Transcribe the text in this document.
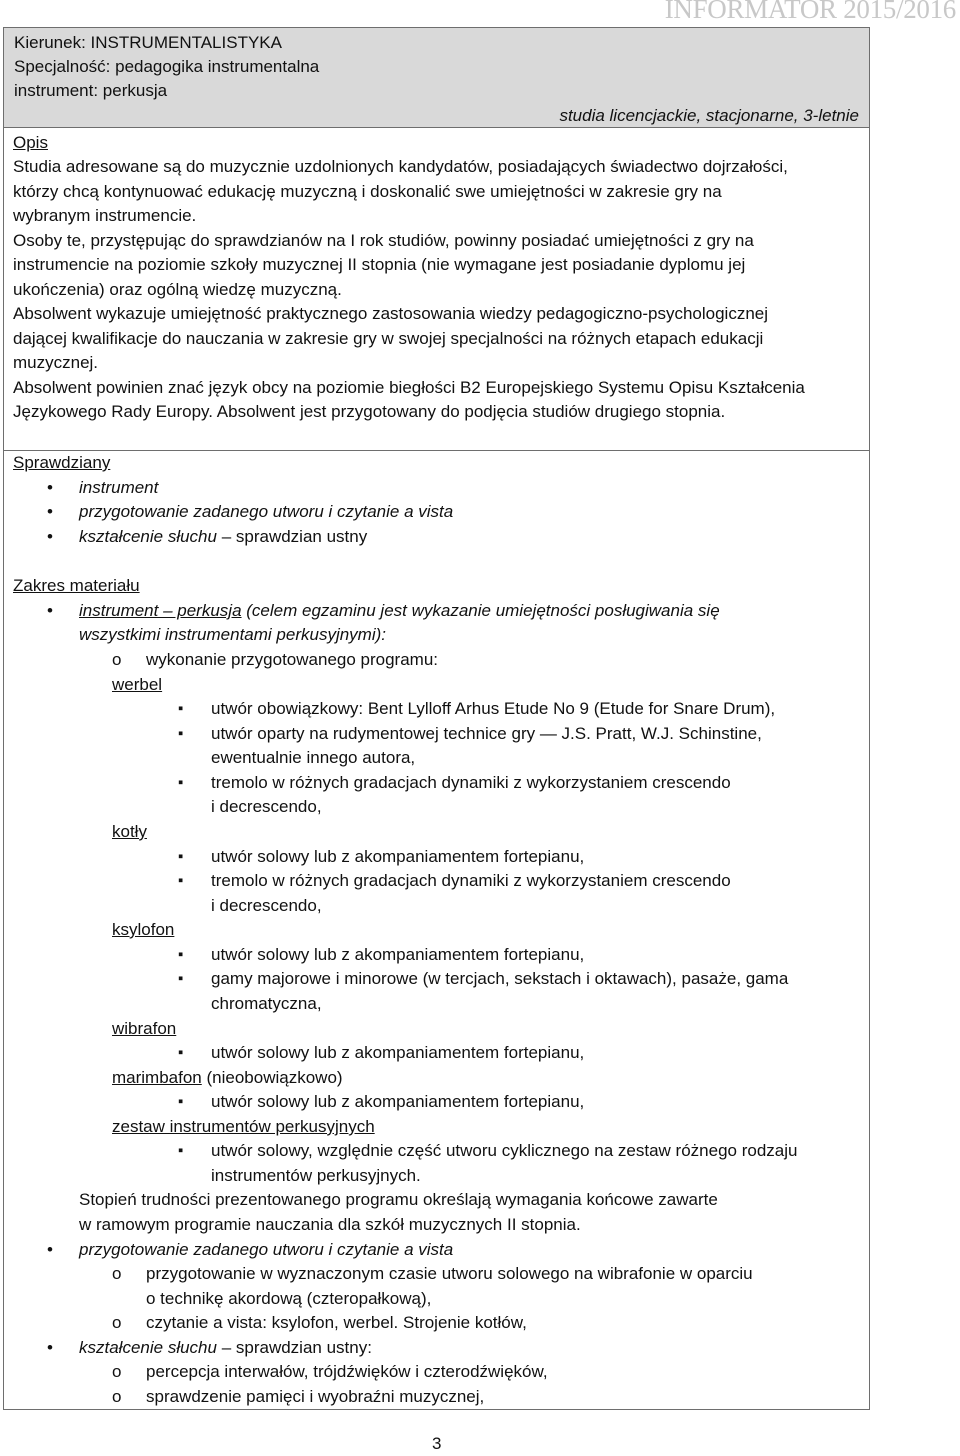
INFORMATOR 2015/2016
Kierunek: INSTRUMENTALISTYKA
Specjalność: pedagogika instrumentalna
instrument: perkusja
studia licencjackie, stacjonarne, 3-letnie
Opis
Studia adresowane są do muzycznie uzdolnionych kandydatów, posiadających świadectwo dojrzałości,
którzy chcą kontynuować edukację muzyczną i doskonalić swe umiejętności w zakresie gry na
wybranym instrumencie.
Osoby te, przystępując do sprawdzianów na I rok studiów, powinny posiadać umiejętności z gry na
instrumencie na poziomie szkoły muzycznej II stopnia (nie wymagane jest posiadanie dyplomu jej
ukończenia) oraz ogólną wiedzę muzyczną.
Absolwent wykazuje umiejętność praktycznego zastosowania wiedzy pedagogiczno-psychologicznej
dającej kwalifikacje do nauczania w zakresie gry w swojej specjalności na różnych etapach edukacji
muzycznej.
Absolwent powinien znać język obcy na poziomie biegłości B2 Europejskiego Systemu Opisu Kształcenia
Językowego Rady Europy. Absolwent jest przygotowany do podjęcia studiów drugiego stopnia.
Sprawdziany
• instrument
• przygotowanie zadanego utworu i czytanie a vista
• kształcenie słuchu – sprawdzian ustny
Zakres materiału
• instrument – perkusja (celem egzaminu jest wykazanie umiejętności posługiwania się
wszystkimi instrumentami perkusyjnymi):
o wykonanie przygotowanego programu:
werbel
▪ utwór obowiązkowy: Bent Lylloff Arhus Etude No 9 (Etude for Snare Drum),
▪ utwór oparty na rudymentowej technice gry — J.S. Pratt, W.J. Schinstine,
ewentualnie innego autora,
▪ tremolo w różnych gradacjach dynamiki z wykorzystaniem crescendo
i decrescendo,
kotły
▪ utwór solowy lub z akompaniamentem fortepianu,
▪ tremolo w różnych gradacjach dynamiki z wykorzystaniem crescendo
i decrescendo,
ksylofon
▪ utwór solowy lub z akompaniamentem fortepianu,
▪ gamy majorowe i minorowe (w tercjach, sekstach i oktawach), pasaże, gama
chromatyczna,
wibrafon
▪ utwór solowy lub z akompaniamentem fortepianu,
marimbafon (nieobowiązkowo)
▪ utwór solowy lub z akompaniamentem fortepianu,
zestaw instrumentów perkusyjnych
▪ utwór solowy, względnie część utworu cyklicznego na zestaw różnego rodzaju
instrumentów perkusyjnych.
Stopień trudności prezentowanego programu określają wymagania końcowe zawarte
w ramowym programie nauczania dla szkół muzycznych II stopnia.
• przygotowanie zadanego utworu i czytanie a vista
o przygotowanie w wyznaczonym czasie utworu solowego na wibrafonie w oparciu
o technikę akordową (czteropałkową),
o czytanie a vista: ksylofon, werbel. Strojenie kotłów,
• kształcenie słuchu – sprawdzian ustny:
o percepcja interwałów, trójdźwięków i czterodźwięków,
o sprawdzenie pamięci i wyobraźni muzycznej,
3
